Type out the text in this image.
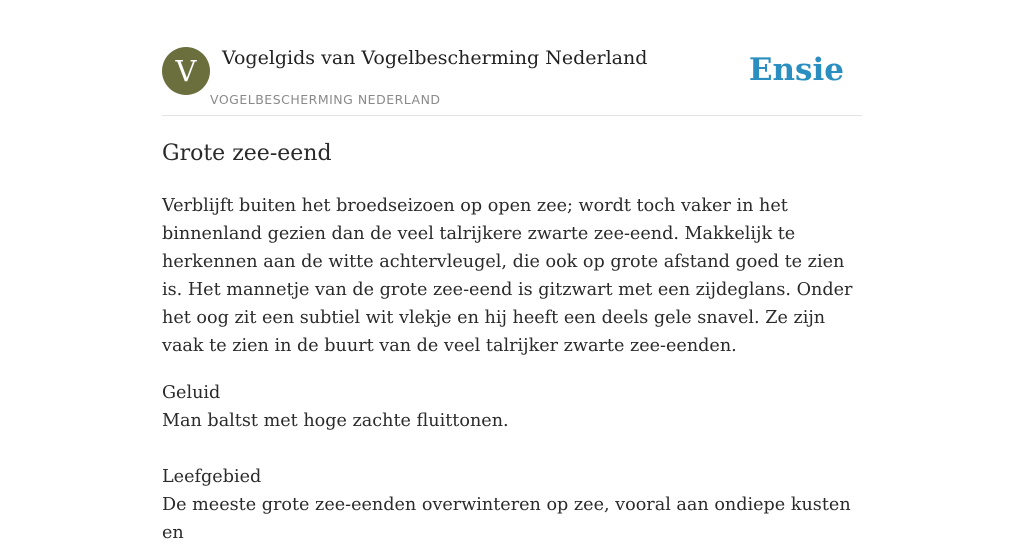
V	Vogelgids van Vogelbescherming Nederland
VOGELBESCHERMING NEDERLAND
Ensie
Grote zee-eend

Verblijft buiten het broedseizoen op open zee; wordt toch vaker in het binnenland gezien dan de veel talrijkere zwarte zee-eend. Makkelijk te herkennen aan de witte achtervleugel, die ook op grote afstand goed te zien is. Het mannetje van de grote zee-eend is gitzwart met een zijdeglans. Onder het oog zit een subtiel wit vlekje en hij heeft een deels gele snavel. Ze zijn vaak te zien in de buurt van de veel talrijker zwarte zee-eenden.

Geluid
Man baltst met hoge zachte fluittonen.
Leefgebied
De meeste grote zee-eenden overwinteren op zee, vooral aan ondiepe kusten en
